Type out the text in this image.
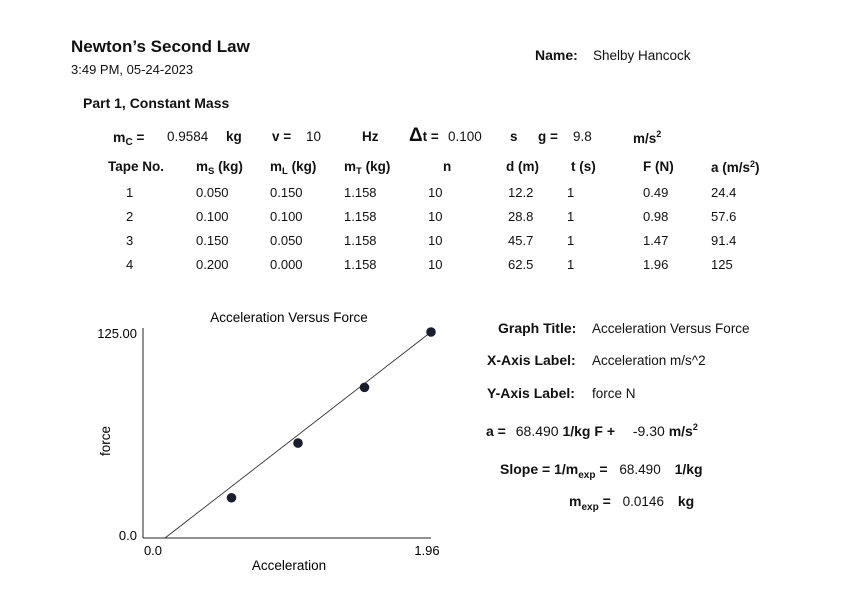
Newton’s Second Law
3:49 PM, 05-24-2023
Name: Shelby Hancock
Part 1, Constant Mass
$m_C = 0.9584$ kg v = 10	Hz Δt = 0.100 s g = 9.8	$m/s^2$
Tape No.	$m_S$ (kg)	$m_L$ (kg)	$m_T$ (kg)	n	d (m)	t (s)	F (N)	a $(m/s^2)$
1	0.050	0.150	1.158	10	12.2	1	0.49	24.4
2	0.100	0.100	1.158	10	28.8	1	0.98	57.6
3	0.150	0.050	1.158	10	45.7	1	1.47	91.4
4	0.200	0.000	1.158	10	62.5	1	1.96	125
Acceleration Versus Force
125.00
0.0
0.0	1.96
Acceleration
force
Graph Title: Acceleration Versus Force
X-Axis Label: Acceleration m/s^2
Y-Axis Label: force N
a = 68.490 1/kg F + -9.30 $m/s^2$
Slope = $1/m_{exp} = 68.490$ 1/kg
$m_{exp} = 0.0146$ kg
